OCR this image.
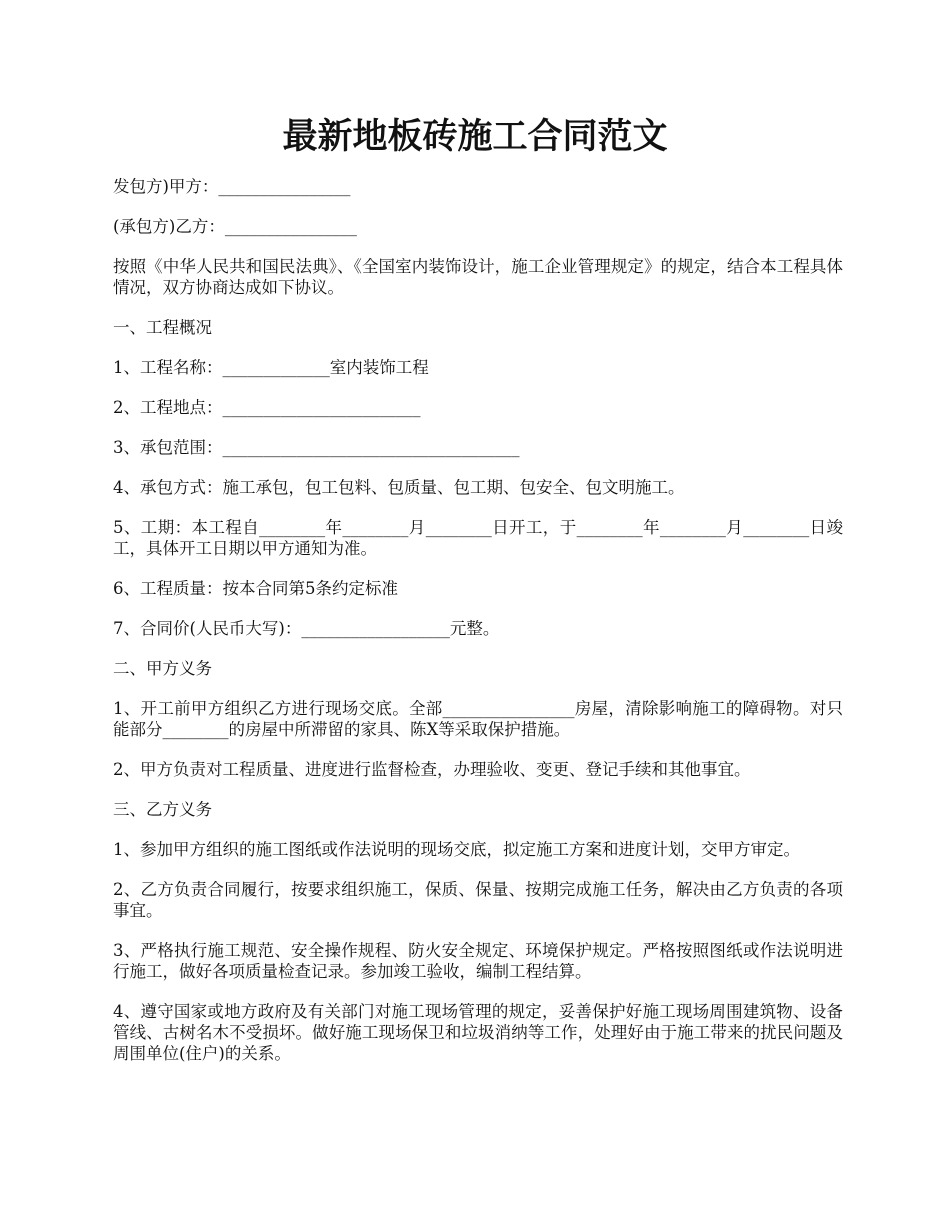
最新地板砖施工合同范文

发包方)甲方：________________

(承包方)乙方：________________

按照《中华人民共和国民法典》、《全国室内装饰设计，施工企业管理规定》的规定，结合本工程具体情况，双方协商达成如下协议。

一、工程概况

1、工程名称：_____________室内装饰工程

2、工程地点：________________________

3、承包范围：____________________________________

4、承包方式：施工承包，包工包料、包质量、包工期、包安全、包文明施工。

5、工期：本工程自________年________月________日开工，于________年________月________日竣工，具体开工日期以甲方通知为准。

6、工程质量：按本合同第5条约定标准

7、合同价(人民币大写)：__________________元整。

二、甲方义务

1、开工前甲方组织乙方进行现场交底。全部________________房屋，清除影响施工的障碍物。对只能部分________的房屋中所滞留的家具、陈X等采取保护措施。

2、甲方负责对工程质量、进度进行监督检查，办理验收、变更、登记手续和其他事宜。

三、乙方义务

1、参加甲方组织的施工图纸或作法说明的现场交底，拟定施工方案和进度计划，交甲方审定。

2、乙方负责合同履行，按要求组织施工，保质、保量、按期完成施工任务，解决由乙方负责的各项事宜。

3、严格执行施工规范、安全操作规程、防火安全规定、环境保护规定。严格按照图纸或作法说明进行施工，做好各项质量检查记录。参加竣工验收，编制工程结算。

4、遵守国家或地方政府及有关部门对施工现场管理的规定，妥善保护好施工现场周围建筑物、设备管线、古树名木不受损坏。做好施工现场保卫和垃圾消纳等工作，处理好由于施工带来的扰民问题及周围单位(住户)的关系。
